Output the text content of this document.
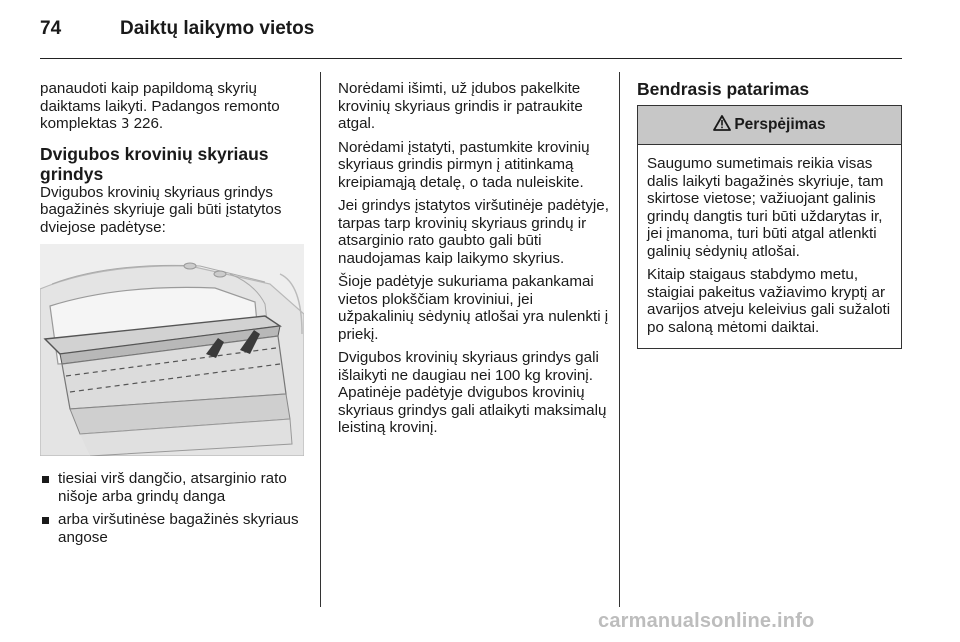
74	Daiktų laikymo vietos

panaudoti kaip papildomą skyrių daiktams laikyti. Padangos remonto komplektas 3 226.

Dvigubos krovinių skyriaus grindys

Dvigubos krovinių skyriaus grindys bagažinės skyriuje gali būti įstatytos dviejose padėtyse:

tiesiai virš dangčio, atsarginio rato nišoje arba grindų danga
arba viršutinėse bagažinės skyriaus angose

Norėdami išimti, už įdubos pakelkite krovinių skyriaus grindis ir patraukite atgal.

Norėdami įstatyti, pastumkite krovinių skyriaus grindis pirmyn į atitinkamą kreipiamąją detalę, o tada nuleiskite.

Jei grindys įstatytos viršutinėje padėtyje, tarpas tarp krovinių skyriaus grindų ir atsarginio rato gaubto gali būti naudojamas kaip laikymo skyrius.

Šioje padėtyje sukuriama pakankamai vietos plokščiam kroviniui, jei užpakalinių sėdynių atlošai yra nulenkti į priekį.

Dvigubos krovinių skyriaus grindys gali išlaikyti ne daugiau nei 100 kg krovinį. Apatinėje padėtyje dvigubos krovinių skyriaus grindys gali atlaikyti maksimalų leistiną krovinį.

Bendrasis patarimas
Perspėjimas

Saugumo sumetimais reikia visas dalis laikyti bagažinės skyriuje, tam skirtose vietose; važiuojant galinis grindų dangtis turi būti uždarytas ir, jei įmanoma, turi būti atgal atlenkti galinių sėdynių atlošai.

Kitaip staigaus stabdymo metu, staigiai pakeitus važiavimo kryptį ar avarijos atveju keleivius gali sužaloti po saloną mėtomi daiktai.

carmanualsonline.info
